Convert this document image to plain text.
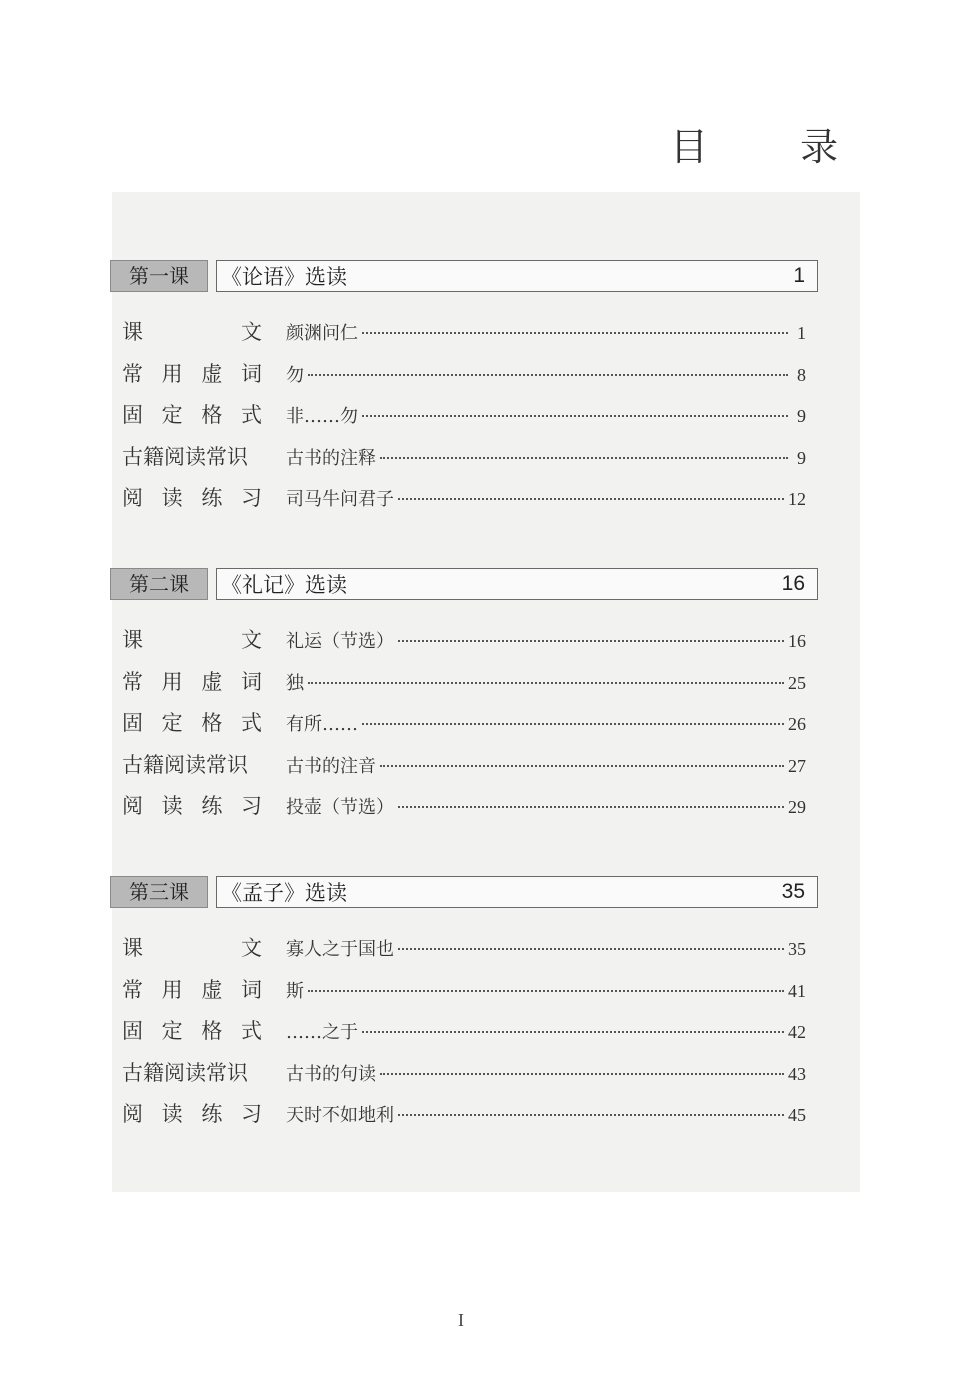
目 录
第一课	《论语》选读	1
课	文 颜渊问仁	1
常 用 虚 词 勿	8
固 定 格 式 非……勿	9
古籍阅读常识 古书的注释	9
阅 读 练 习 司马牛问君子	12
第二课	《礼记》选读	16
课	文 礼运（节选）	16
常 用 虚 词 独	25
固 定 格 式 有所……	26
古籍阅读常识 古书的注音	27
阅 读 练 习 投壶（节选）	29
第三课	《孟子》选读	35
课	文 寡人之于国也	35
常 用 虚 词 斯	41
固 定 格 式 ……之于	42
古籍阅读常识 古书的句读	43
阅 读 练 习 天时不如地利	45
I
